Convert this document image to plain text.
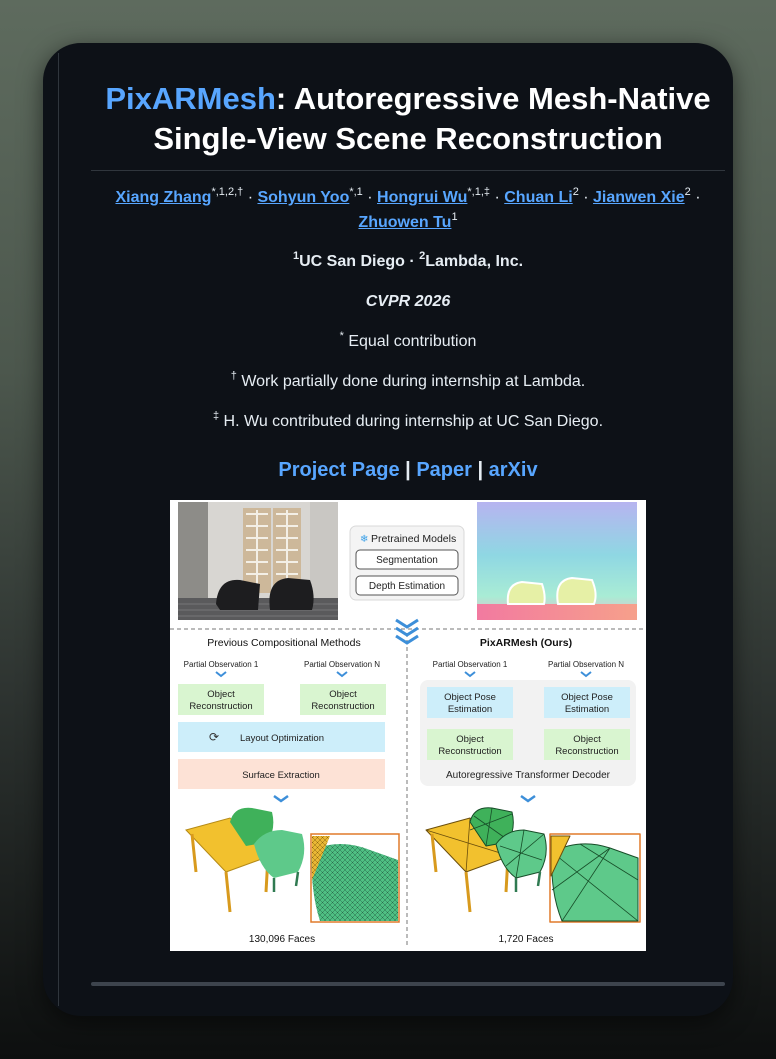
PixARMesh: Autoregressive Mesh-Native Single-View Scene Reconstruction
Xiang Zhang$^{*,1,2,\dagger}$ · Sohyun Yoo$^{*,1}$ · Hongrui $Wu^{*,1,\ddagger}$ · Chuan $Li^2$ · Jianwen Xie$^2$ ·
Zhuowen Tu$^1$
$^1$UC San Diego · $^2$Lambda, Inc.
CVPR 2026
* Equal contribution
† Work partially done during internship at Lambda.
‡ H. Wu contributed during internship at UC San Diego.
Project Page | Paper | arXiv
❄ Pretrained Models
Segmentation
Depth Estimation
Previous Compositional Methods
Partial Observation 1	Partial Observation N
Object
Reconstruction
Object
Reconstruction
⟳ Layout Optimization
Surface Extraction
130,096 Faces
PixARMesh (Ours)
Partial Observation 1	Partial Observation N
Object Pose
Estimation
Object Pose
Estimation
Object
Reconstruction
Object
Reconstruction
Autoregressive Transformer Decoder
1,720 Faces
